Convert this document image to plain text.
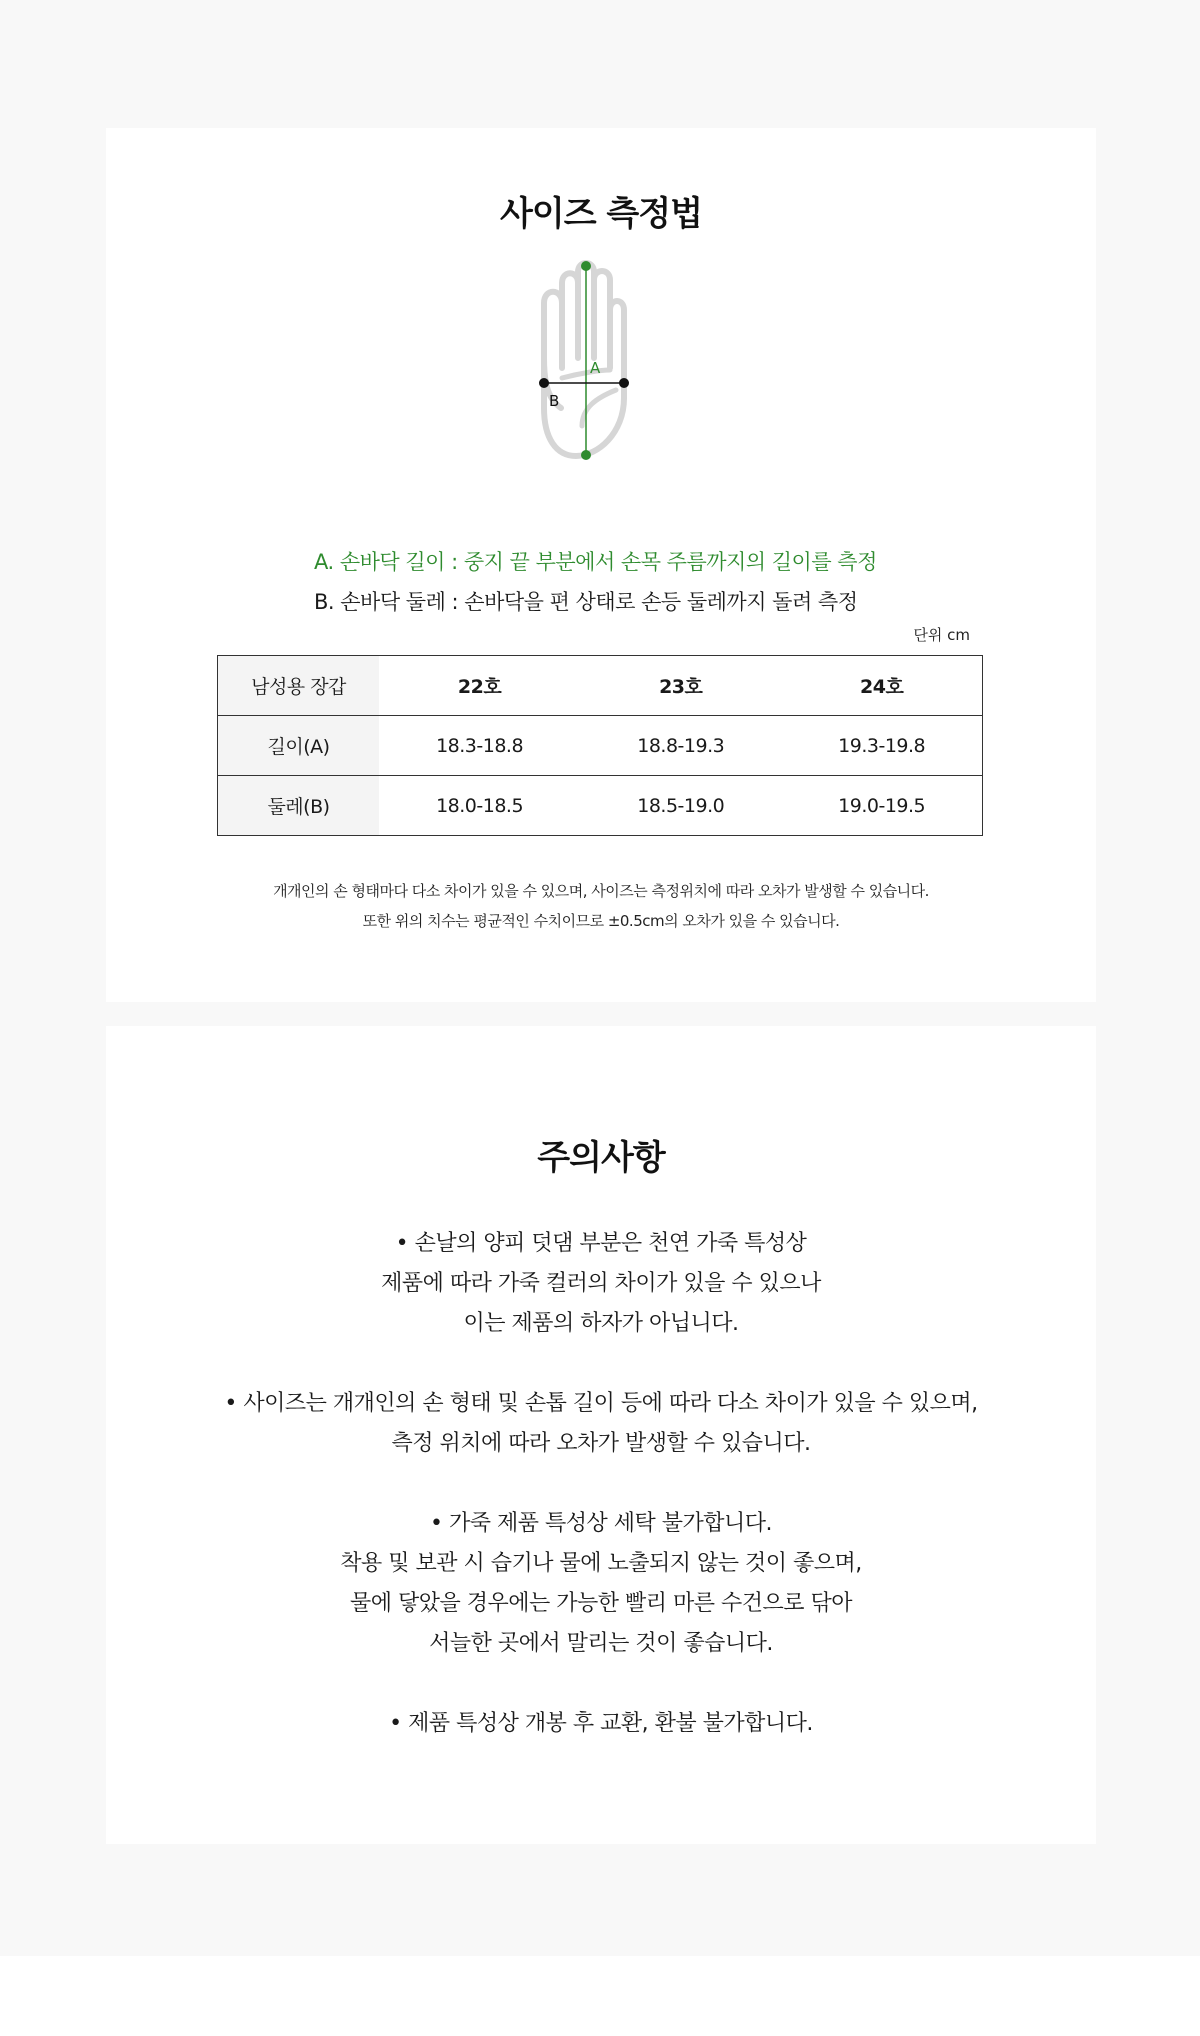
사이즈 측정법
A
B
A. 손바닥 길이 : 중지 끝 부분에서 손목 주름까지의 길이를 측정
B. 손바닥 둘레 : 손바닥을 편 상태로 손등 둘레까지 돌려 측정
단위 cm
남성용 장갑	22호	23호	24호
길이(A)	18.3-18.8	18.8-19.3	19.3-19.8
둘레(B)	18.0-18.5	18.5-19.0	19.0-19.5
개개인의 손 형태마다 다소 차이가 있을 수 있으며, 사이즈는 측정위치에 따라 오차가 발생할 수 있습니다.
또한 위의 치수는 평균적인 수치이므로 ±0.5cm의 오차가 있을 수 있습니다.
주의사항
• 손날의 양피 덧댐 부분은 천연 가죽 특성상
제품에 따라 가죽 컬러의 차이가 있을 수 있으나
이는 제품의 하자가 아닙니다.
• 사이즈는 개개인의 손 형태 및 손톱 길이 등에 따라 다소 차이가 있을 수 있으며,
측정 위치에 따라 오차가 발생할 수 있습니다.
• 가죽 제품 특성상 세탁 불가합니다.
착용 및 보관 시 습기나 물에 노출되지 않는 것이 좋으며,
물에 닿았을 경우에는 가능한 빨리 마른 수건으로 닦아
서늘한 곳에서 말리는 것이 좋습니다.
• 제품 특성상 개봉 후 교환, 환불 불가합니다.
